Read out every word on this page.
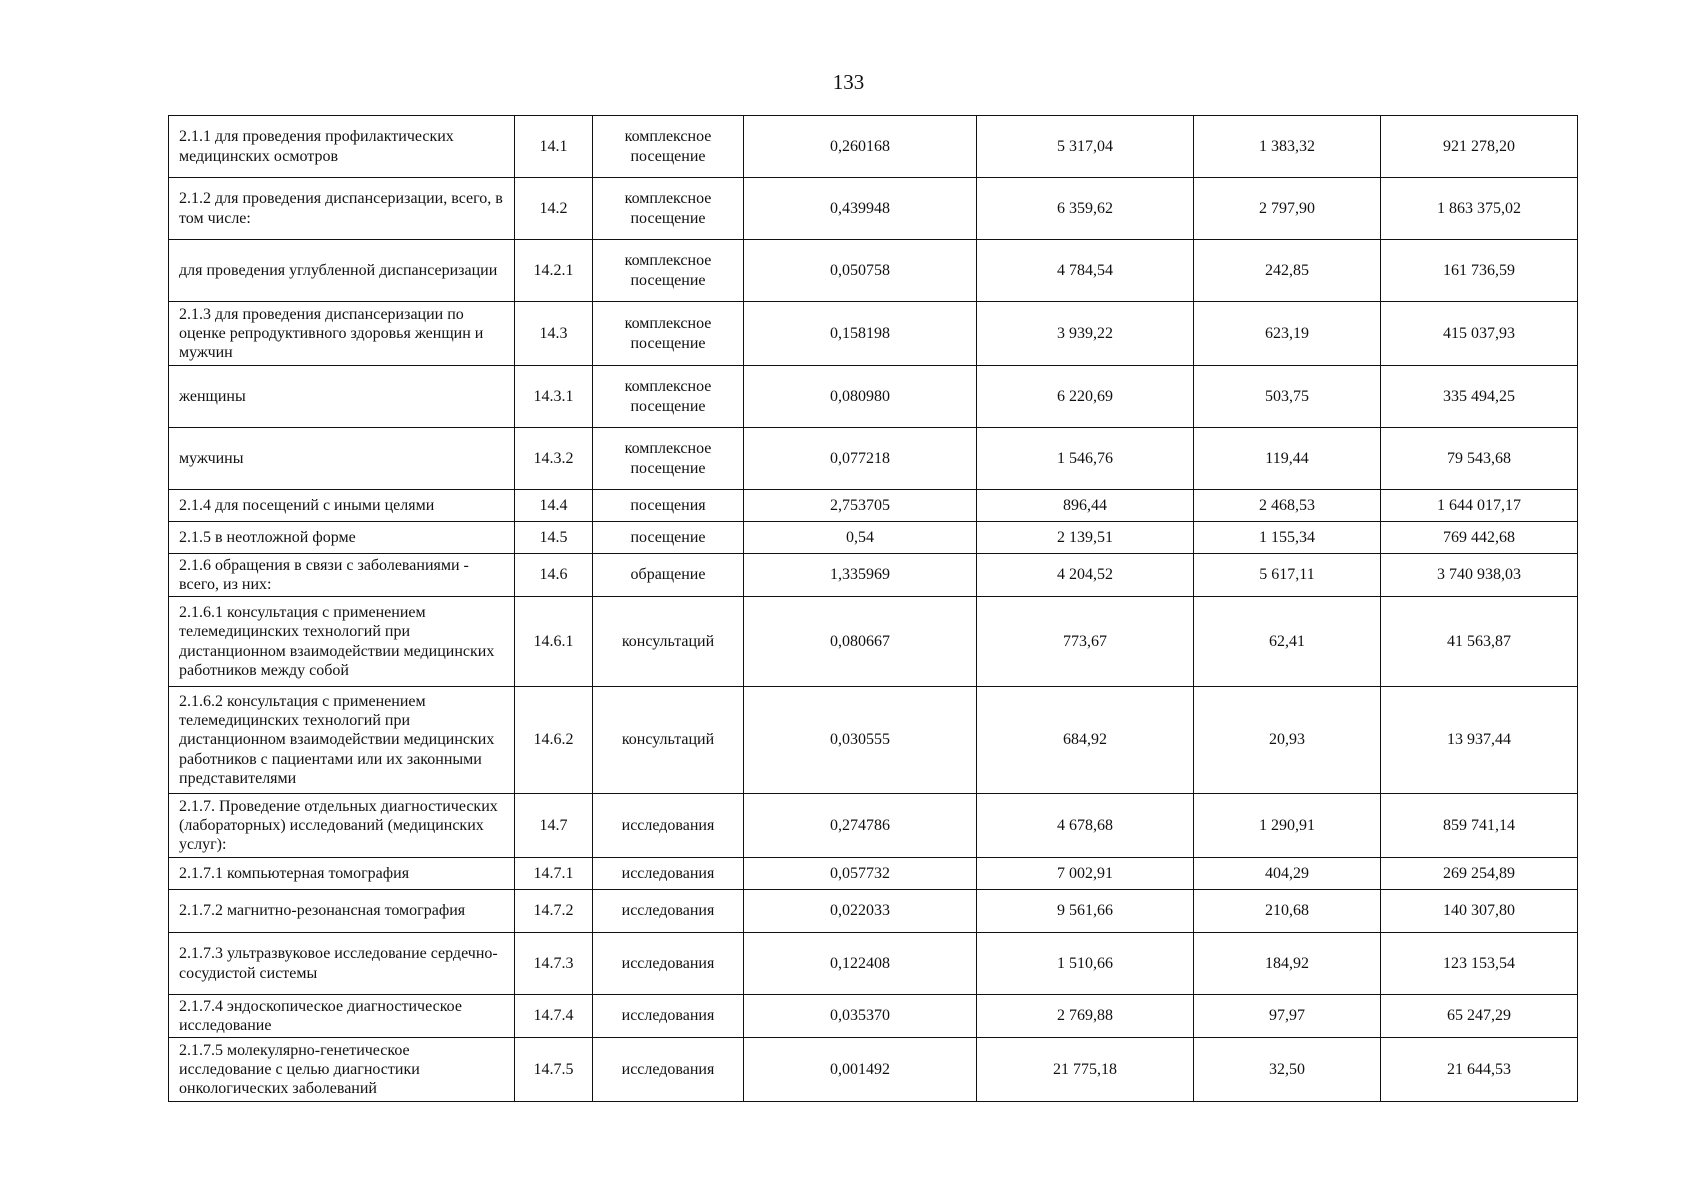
133
2.1.1 для проведения профилактических медицинских осмотров	14.1	комплексное посещение	0,260168	5 317,04	1 383,32	921 278,20
2.1.2 для проведения диспансеризации, всего, в том числе:	14.2	комплексное посещение	0,439948	6 359,62	2 797,90	1 863 375,02
для проведения углубленной диспансеризации	14.2.1	комплексное посещение	0,050758	4 784,54	242,85	161 736,59
2.1.3 для проведения диспансеризации по оценке репродуктивного здоровья женщин и мужчин	14.3	комплексное посещение	0,158198	3 939,22	623,19	415 037,93
женщины	14.3.1	комплексное посещение	0,080980	6 220,69	503,75	335 494,25
мужчины	14.3.2	комплексное посещение	0,077218	1 546,76	119,44	79 543,68
2.1.4 для посещений с иными целями	14.4	посещения	2,753705	896,44	2 468,53	1 644 017,17
2.1.5 в неотложной форме	14.5	посещение	0,54	2 139,51	1 155,34	769 442,68
2.1.6 обращения в связи с заболеваниями - всего, из них:	14.6	обращение	1,335969	4 204,52	5 617,11	3 740 938,03
2.1.6.1 консультация с применением телемедицинских технологий при дистанционном взаимодействии медицинских работников между собой	14.6.1	консультаций	0,080667	773,67	62,41	41 563,87
2.1.6.2 консультация с применением телемедицинских технологий при дистанционном взаимодействии медицинских работников с пациентами или их законными представителями	14.6.2	консультаций	0,030555	684,92	20,93	13 937,44
2.1.7. Проведение отдельных диагностических (лабораторных) исследований (медицинских услуг):	14.7	исследования	0,274786	4 678,68	1 290,91	859 741,14
2.1.7.1 компьютерная томография	14.7.1	исследования	0,057732	7 002,91	404,29	269 254,89
2.1.7.2 магнитно-резонансная томография	14.7.2	исследования	0,022033	9 561,66	210,68	140 307,80
2.1.7.3 ультразвуковое исследование сердечно-сосудистой системы	14.7.3	исследования	0,122408	1 510,66	184,92	123 153,54
2.1.7.4 эндоскопическое диагностическое исследование	14.7.4	исследования	0,035370	2 769,88	97,97	65 247,29
2.1.7.5 молекулярно-генетическое исследование с целью диагностики онкологических заболеваний	14.7.5	исследования	0,001492	21 775,18	32,50	21 644,53
